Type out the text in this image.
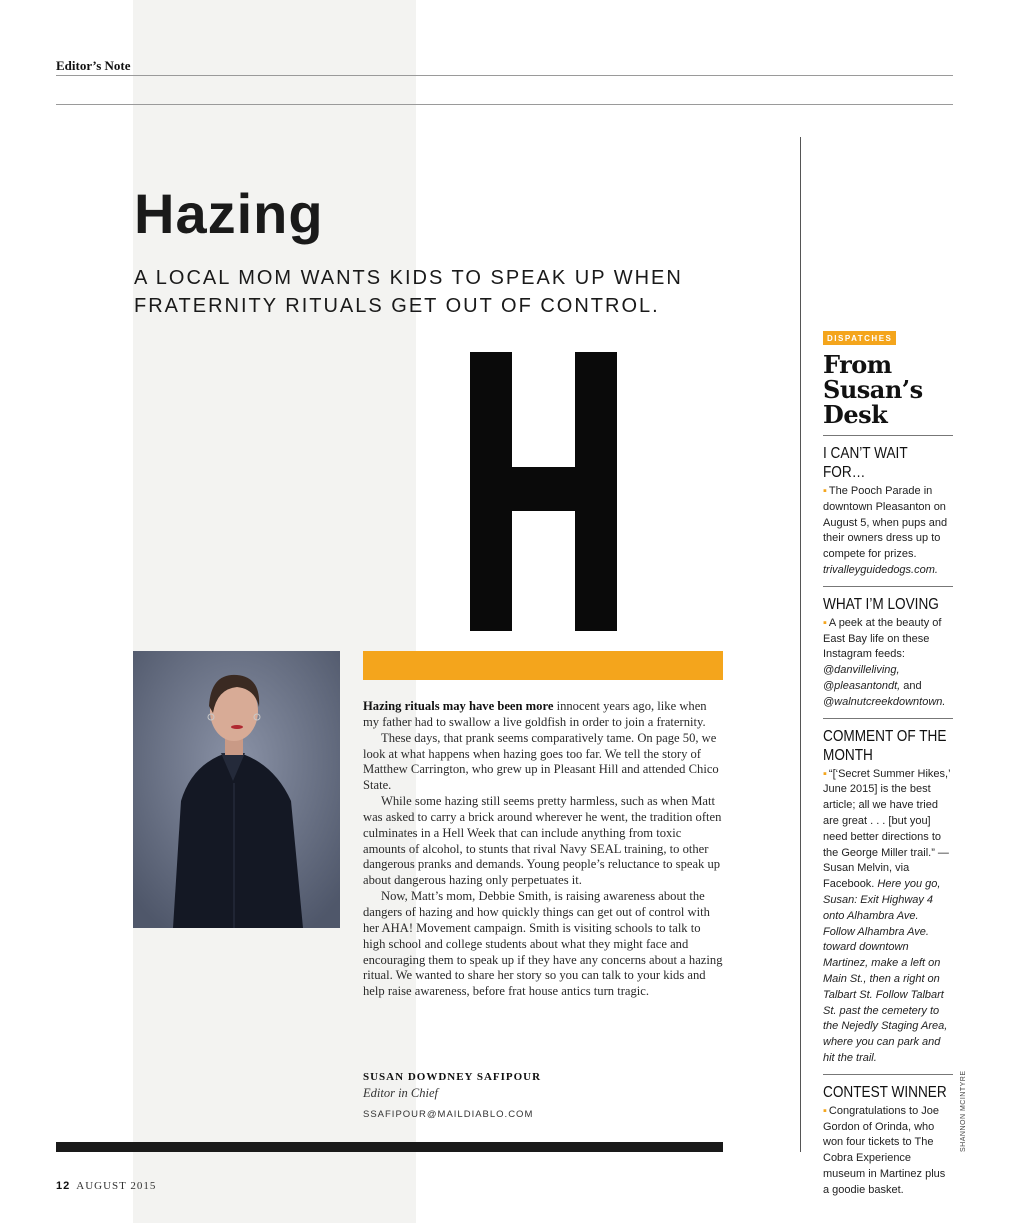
Editor’s Note
Hazing
A LOCAL MOM WANTS KIDS TO SPEAK UP WHEN FRATERNITY RITUALS GET OUT OF CONTROL.

Hazing rituals may have been more innocent years ago, like when my father had to swallow a live goldfish in order to join a fraternity.

These days, that prank seems comparatively tame. On page 50, we look at what happens when hazing goes too far. We tell the story of Matthew Carrington, who grew up in Pleasant Hill and attended Chico State.

While some hazing still seems pretty harmless, such as when Matt was asked to carry a brick around wherever he went, the tradition often culminates in a Hell Week that can include anything from toxic amounts of alcohol, to stunts that rival Navy SEAL training, to other dangerous pranks and demands. Young people’s reluctance to speak up about dangerous hazing only perpetuates it.

Now, Matt’s mom, Debbie Smith, is raising awareness about the dangers of hazing and how quickly things can get out of control with her AHA! Movement campaign. Smith is visiting schools to talk to high school and college students about what they might face and encouraging them to speak up if they have any concerns about a hazing ritual. We wanted to share her story so you can talk to your kids and help raise awareness, before frat house antics turn tragic.

SUSAN DOWDNEY SAFIPOUR
Editor in Chief
SSAFIPOUR@MAILDIABLO.COM
12 AUGUST 2015
DISPATCHES
From Susan’s Desk
I CAN’T WAIT FOR…
▪ The Pooch Parade in downtown Pleasanton on August 5, when pups and their owners dress up to compete for prizes. trivalleyguidedogs.com.
WHAT I’M LOVING
▪ A peek at the beauty of East Bay life on these Instagram feeds: @danvilleliving, @pleasantondt, and @walnutcreekdowntown.
COMMENT OF THE MONTH
▪ “[‘Secret Summer Hikes,’ June 2015] is the best article; all we have tried are great . . . [but you] need better directions to the George Miller trail.” —Susan Melvin, via Facebook. Here you go, Susan: Exit Highway 4 onto Alhambra Ave. Follow Alhambra Ave. toward downtown Martinez, make a left on Main St., then a right on Talbart St. Follow Talbart St. past the cemetery to the Nejedly Staging Area, where you can park and hit the trail.
CONTEST WINNER
▪ Congratulations to Joe Gordon of Orinda, who won four tickets to The Cobra Experience museum in Martinez plus a goodie basket.
SHANNON MCINTYRE
